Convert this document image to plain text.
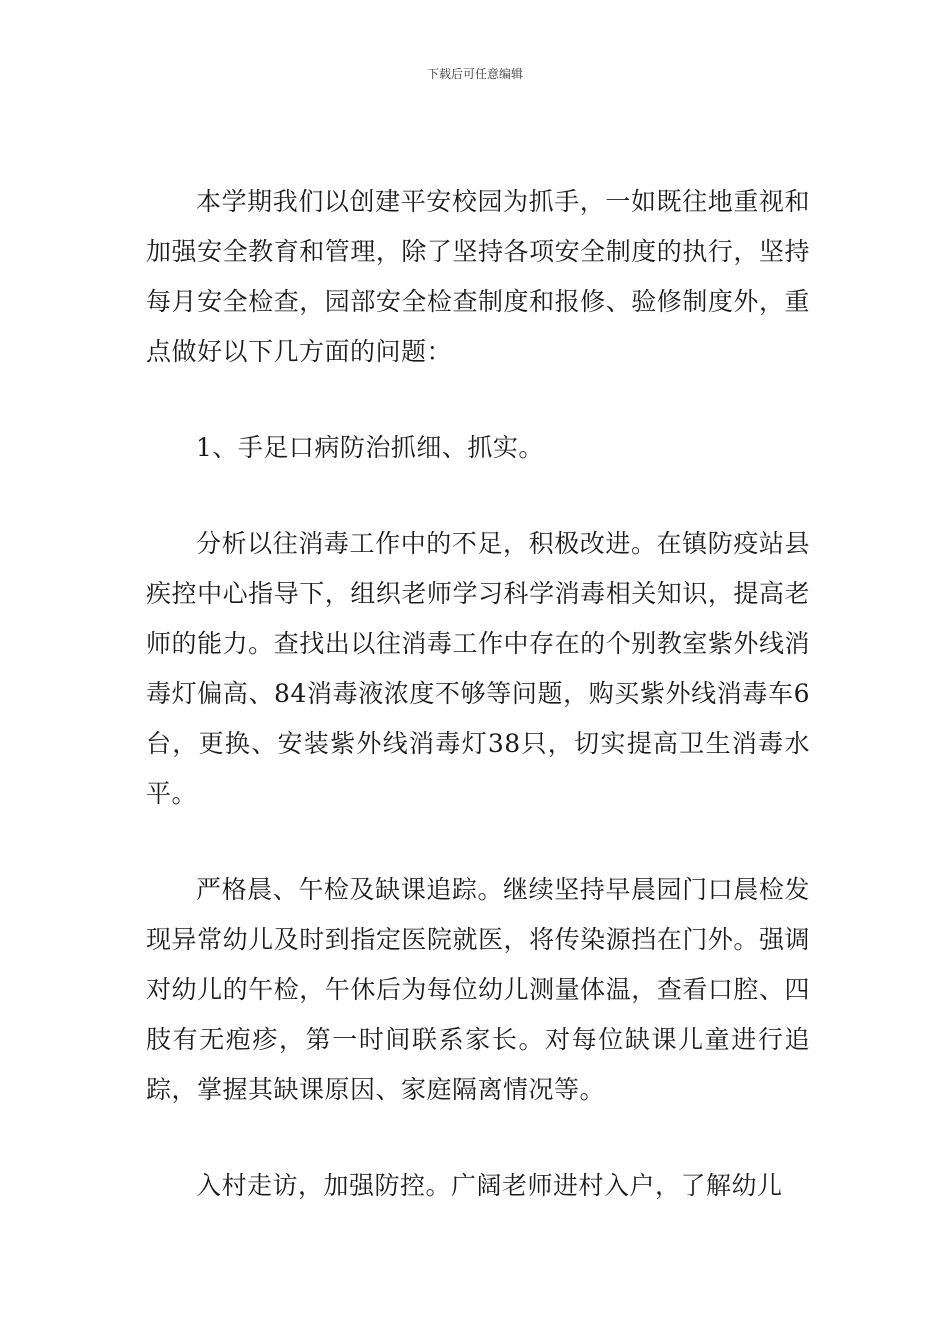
下载后可任意编辑

本学期我们以创建平安校园为抓手，一如既往地重视和加强安全教育和管理，除了坚持各项安全制度的执行，坚持每月安全检查，园部安全检查制度和报修、验修制度外，重点做好以下几方面的问题：

1、手足口病防治抓细、抓实。

分析以往消毒工作中的不足，积极改进。在镇防疫站县疾控中心指导下，组织老师学习科学消毒相关知识，提高老师的能力。查找出以往消毒工作中存在的个别教室紫外线消毒灯偏高、84消毒液浓度不够等问题，购买紫外线消毒车6台，更换、安装紫外线消毒灯38只，切实提高卫生消毒水平。

严格晨、午检及缺课追踪。继续坚持早晨园门口晨检发现异常幼儿及时到指定医院就医，将传染源挡在门外。强调对幼儿的午检，午休后为每位幼儿测量体温，查看口腔、四肢有无疱疹，第一时间联系家长。对每位缺课儿童进行追踪，掌握其缺课原因、家庭隔离情况等。

入村走访，加强防控。广阔老师进村入户，了解幼儿
